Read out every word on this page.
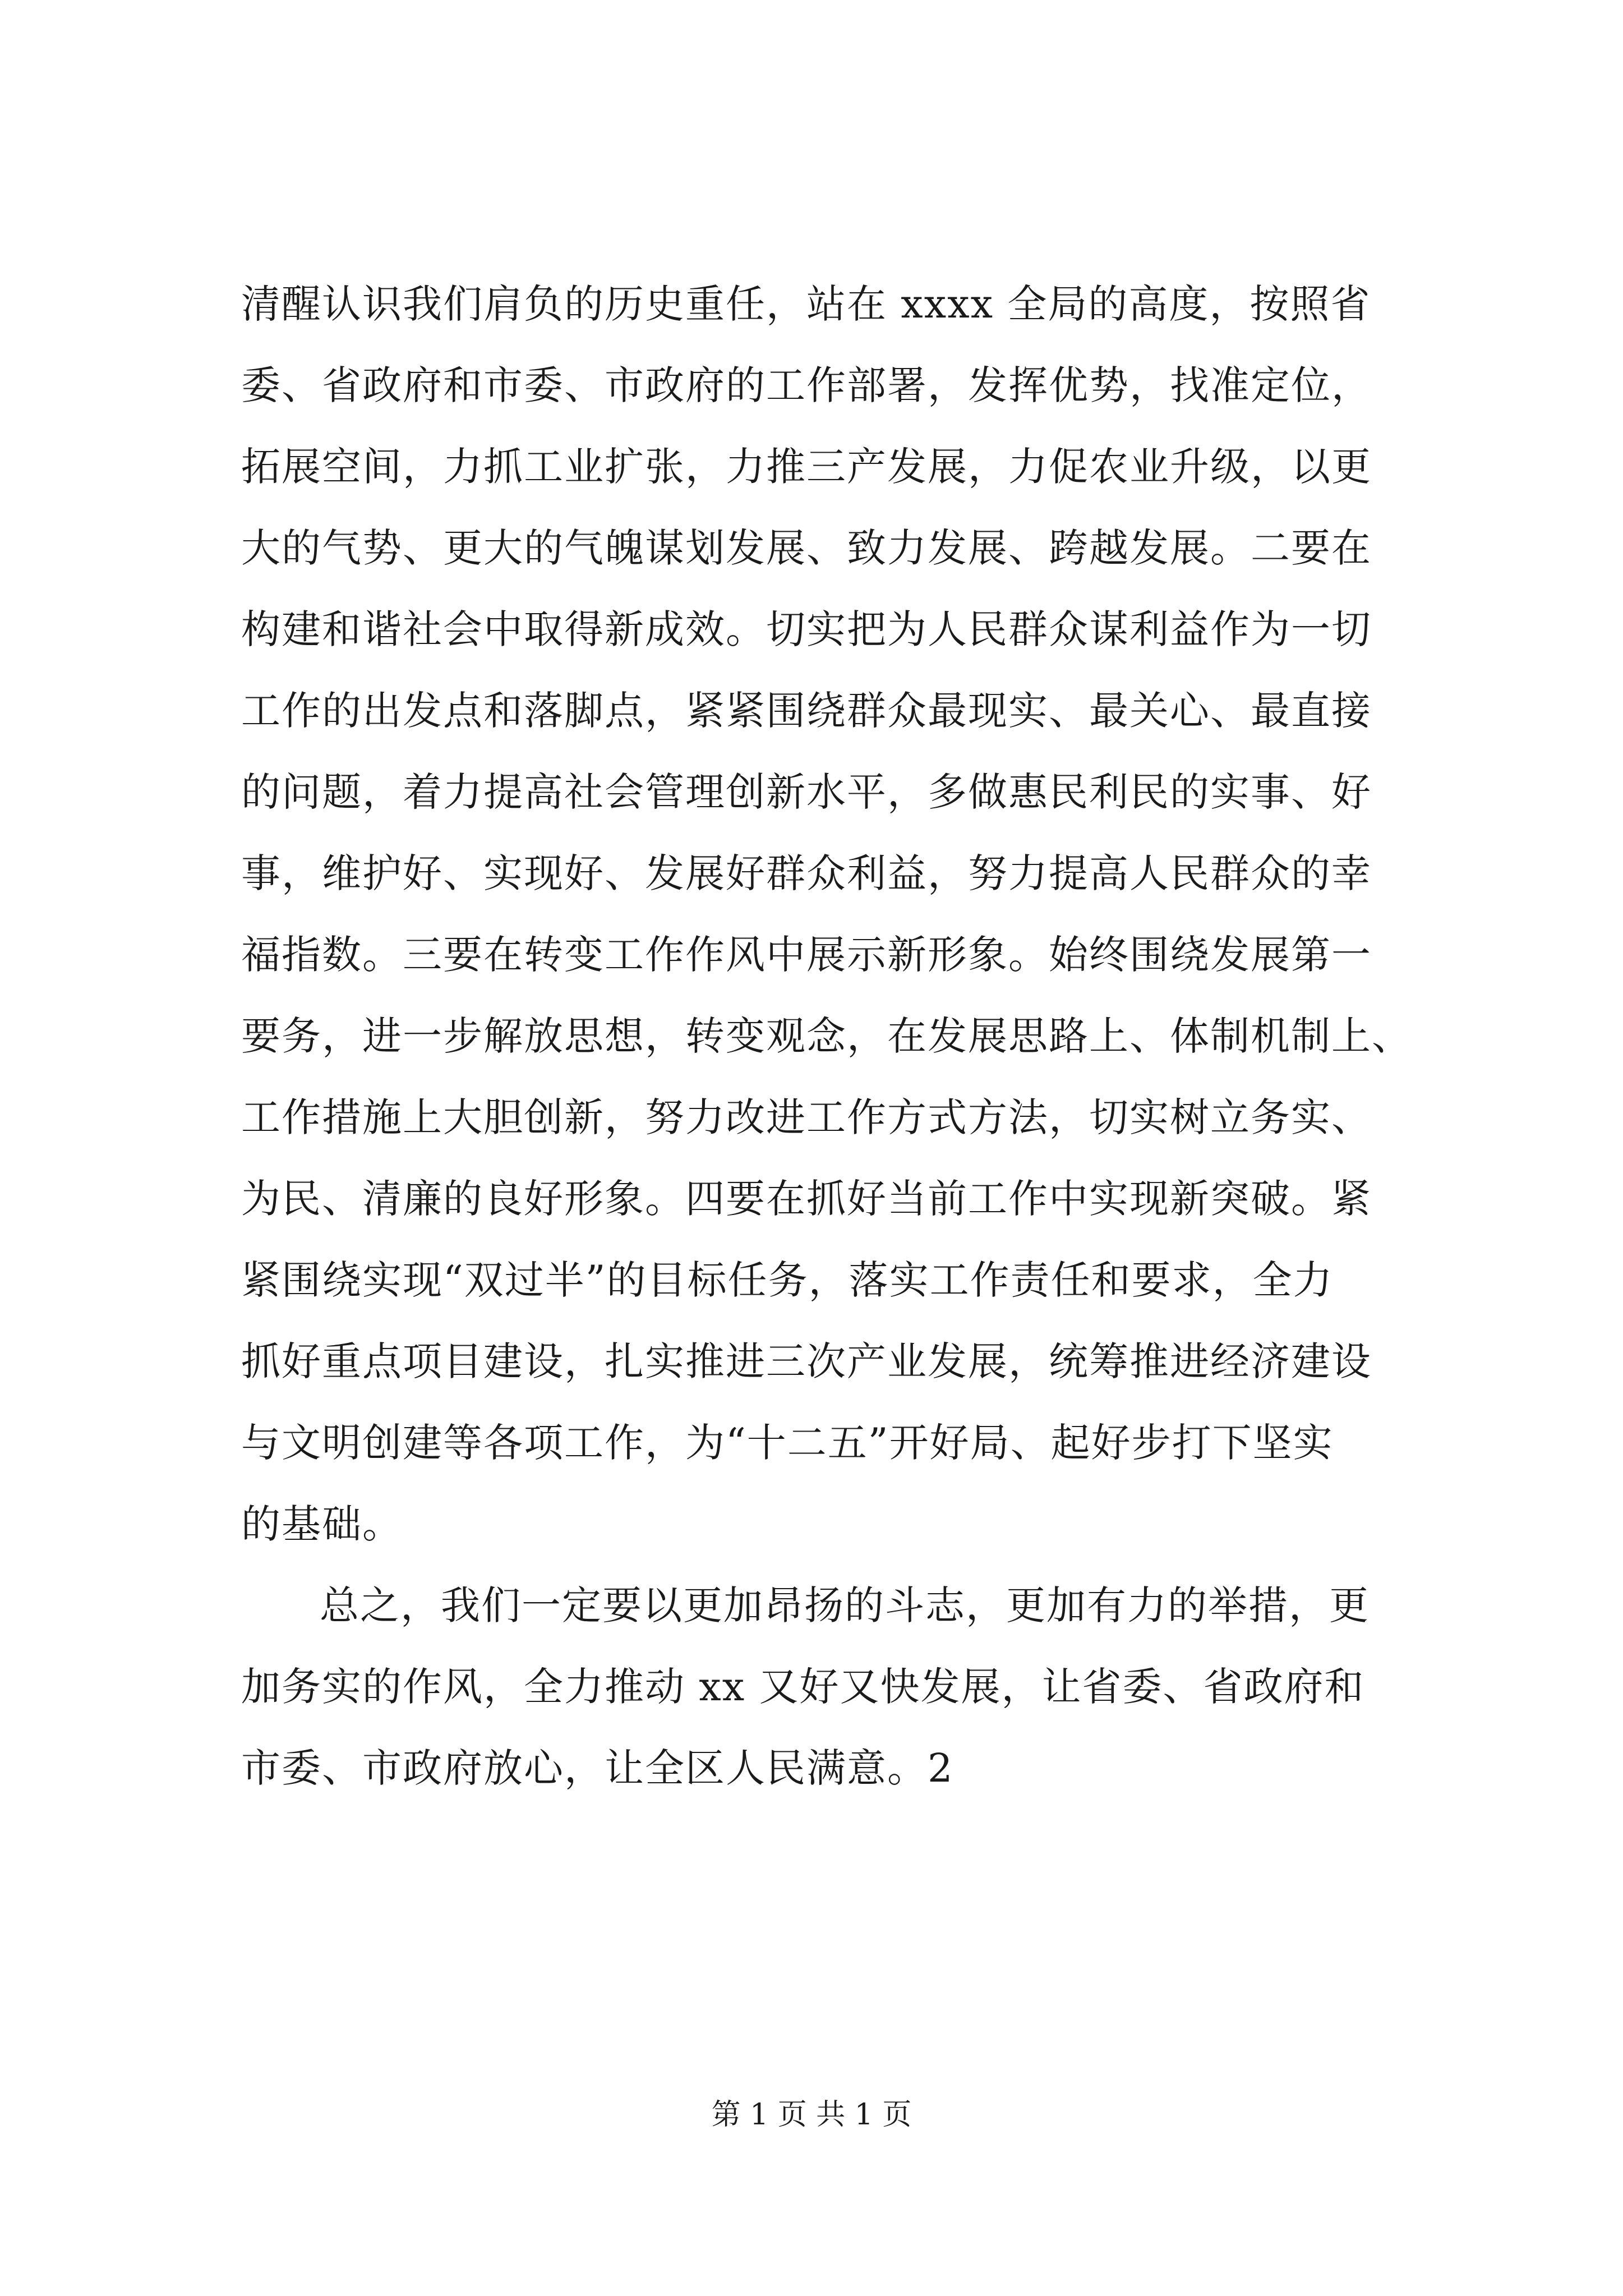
清醒认识我们肩负的历史重任，站在 xxxx 全局的高度，按照省
委、省政府和市委、市政府的工作部署，发挥优势，找准定位，
拓展空间，力抓工业扩张，力推三产发展，力促农业升级，以更
大的气势、更大的气魄谋划发展、致力发展、跨越发展。二要在
构建和谐社会中取得新成效。切实把为人民群众谋利益作为一切
工作的出发点和落脚点，紧紧围绕群众最现实、最关心、最直接
的问题，着力提高社会管理创新水平，多做惠民利民的实事、好
事，维护好、实现好、发展好群众利益，努力提高人民群众的幸
福指数。三要在转变工作作风中展示新形象。始终围绕发展第一
要务，进一步解放思想，转变观念，在发展思路上、体制机制上、
工作措施上大胆创新，努力改进工作方式方法，切实树立务实、
为民、清廉的良好形象。四要在抓好当前工作中实现新突破。紧
紧围绕实现“双过半”的目标任务，落实工作责任和要求，全力
抓好重点项目建设，扎实推进三次产业发展，统筹推进经济建设
与文明创建等各项工作，为“十二五”开好局、起好步打下坚实
的基础。
总之，我们一定要以更加昂扬的斗志，更加有力的举措，更
加务实的作风，全力推动 xx 又好又快发展，让省委、省政府和
市委、市政府放心，让全区人民满意。2
第 1 页 共 1 页
